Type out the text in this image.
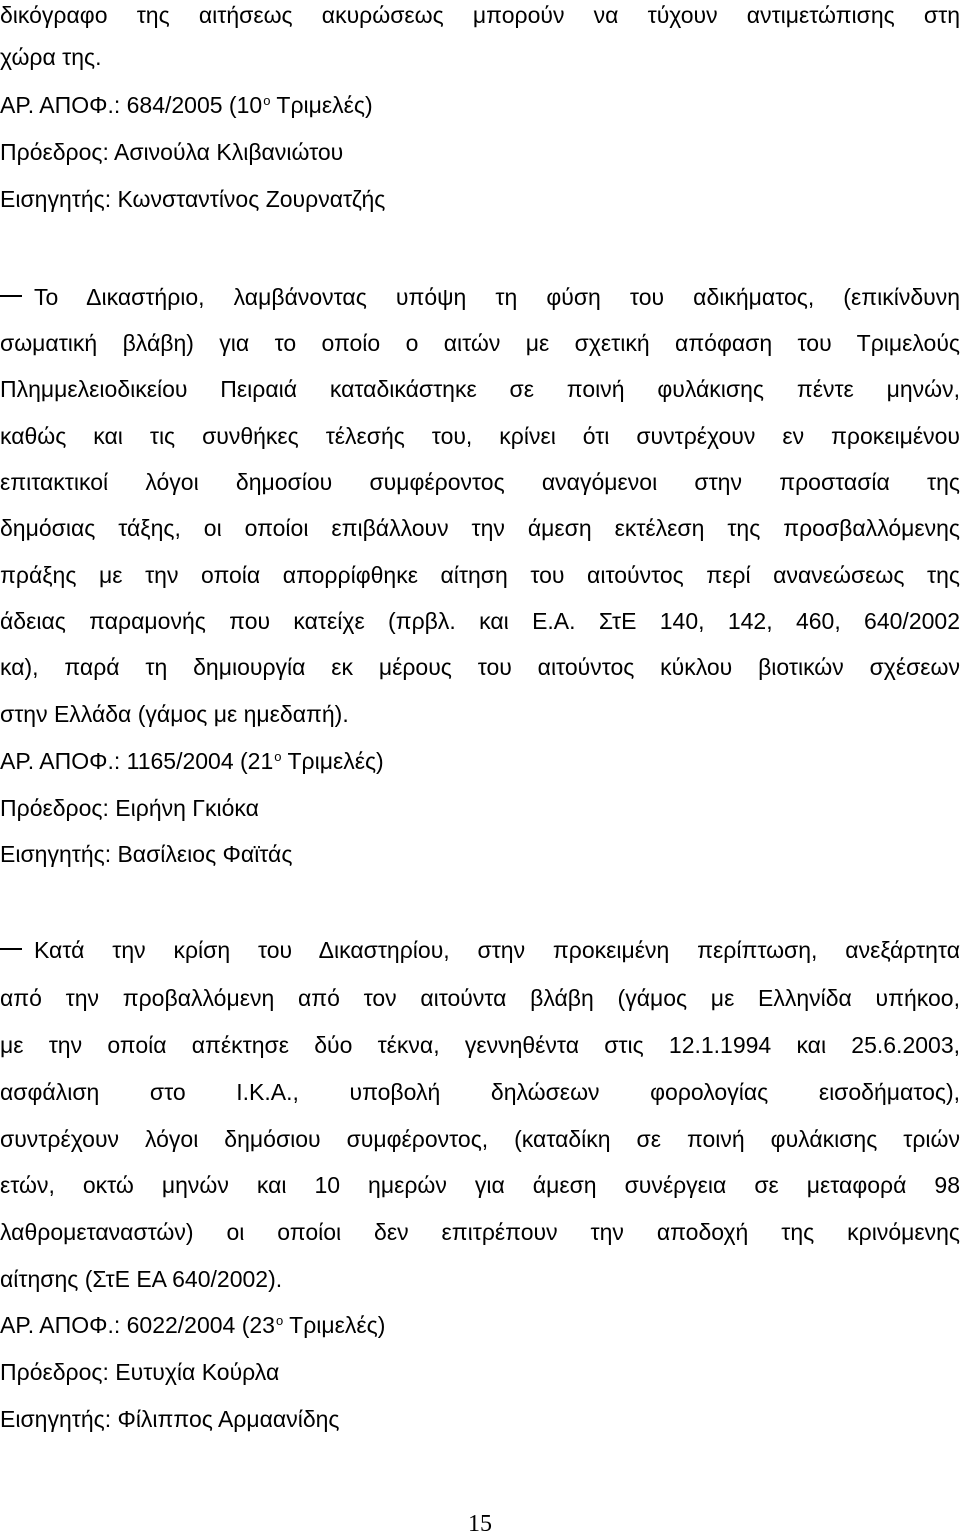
δικόγραφο της αιτήσεως ακυρώσεως μπορούν να τύχουν αντιμετώπισης στη
χώρα της.
ΑΡ. ΑΠΟΦ.: 684/2005 ($10^o$ Τριμελές)
Πρόεδρος: Ασινούλα Κλιβανιώτου
Εισηγητής: Κωνσταντίνος Ζουρνατζής
Το Δικαστήριο, λαμβάνοντας υπόψη τη φύση του αδικήματος, (επικίνδυνη
σωματική βλάβη) για το οποίο ο αιτών με σχετική απόφαση του Τριμελούς
Πλημμελειοδικείου Πειραιά καταδικάστηκε σε ποινή φυλάκισης πέντε μηνών,
καθώς και τις συνθήκες τέλεσής του, κρίνει ότι συντρέχουν εν προκειμένου
επιτακτικοί λόγοι δημοσίου συμφέροντος αναγόμενοι στην προστασία της
δημόσιας τάξης, οι οποίοι επιβάλλουν την άμεση εκτέλεση της προσβαλλόμενης
πράξης με την οποία απορρίφθηκε αίτηση του αιτούντος περί ανανεώσεως της
άδειας παραμονής που κατείχε (πρβλ. και Ε.Α. ΣτΕ 140, 142, 460, 640/2002
κα), παρά τη δημιουργία εκ μέρους του αιτούντος κύκλου βιοτικών σχέσεων
στην Ελλάδα (γάμος με ημεδαπή).
ΑΡ. ΑΠΟΦ.: 1165/2004 ($21^o$ Τριμελές)
Πρόεδρος: Ειρήνη Γκιόκα
Εισηγητής: Βασίλειος Φαϊτάς
Κατά την κρίση του Δικαστηρίου, στην προκειμένη περίπτωση, ανεξάρτητα
από την προβαλλόμενη από τον αιτούντα βλάβη (γάμος με Ελληνίδα υπήκοο,
με την οποία απέκτησε δύο τέκνα, γεννηθέντα στις 12.1.1994 και 25.6.2003,
ασφάλιση στο Ι.Κ.Α., υποβολή δηλώσεων φορολογίας εισοδήματος),
συντρέχουν λόγοι δημόσιου συμφέροντος, (καταδίκη σε ποινή φυλάκισης τριών
ετών, οκτώ μηνών και 10 ημερών για άμεση συνέργεια σε μεταφορά 98
λαθρομεταναστών) οι οποίοι δεν επιτρέπουν την αποδοχή της κρινόμενης
αίτησης (ΣτΕ ΕΑ 640/2002).
ΑΡ. ΑΠΟΦ.: 6022/2004 ($23^o$ Τριμελές)
Πρόεδρος: Ευτυχία Κούρλα
Εισηγητής: Φίλιππος Αρμαανίδης
15
